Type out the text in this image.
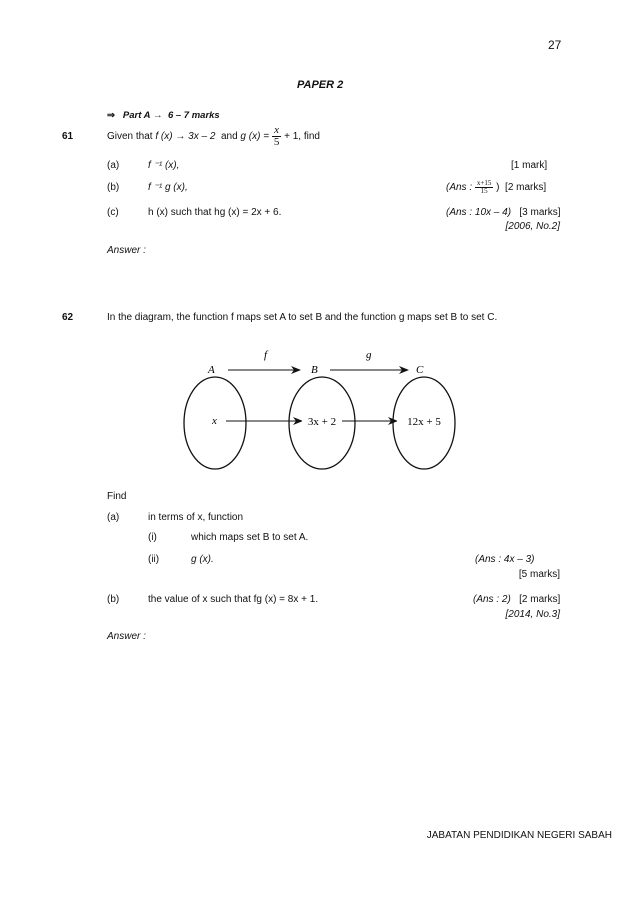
27
PAPER 2
⇒ Part A → 6 – 7 marks
61	Given that
f (x) → 3x – 2
and
g (x) =
$\frac{x}{5}$
+ 1, find
(a)	f ⁻¹ (x),	[1 mark]
(b)	f ⁻¹ g (x),	(Ans :
$\frac{x+15}{15}$
)
[2 marks]
(c)	h (x) such that hg (x) = 2x + 6.	(Ans : 10x – 4) [3 marks]
[2006, No.2]
Answer :
62	In the diagram, the function f maps set A to set B and the function g maps set B to set C.
A	B	C
f	g
x	3x + 2	12x + 5
Find
(a)	in terms of x, function
(i)	which maps set B to set A.
(ii)	g (x).	(Ans : 4x – 3)
[5 marks]
(b)	the value of x such that fg (x) = 8x + 1.	(Ans : 2) [2 marks]
[2014, No.3]
Answer :
JABATAN PENDIDIKAN NEGERI SABAH
